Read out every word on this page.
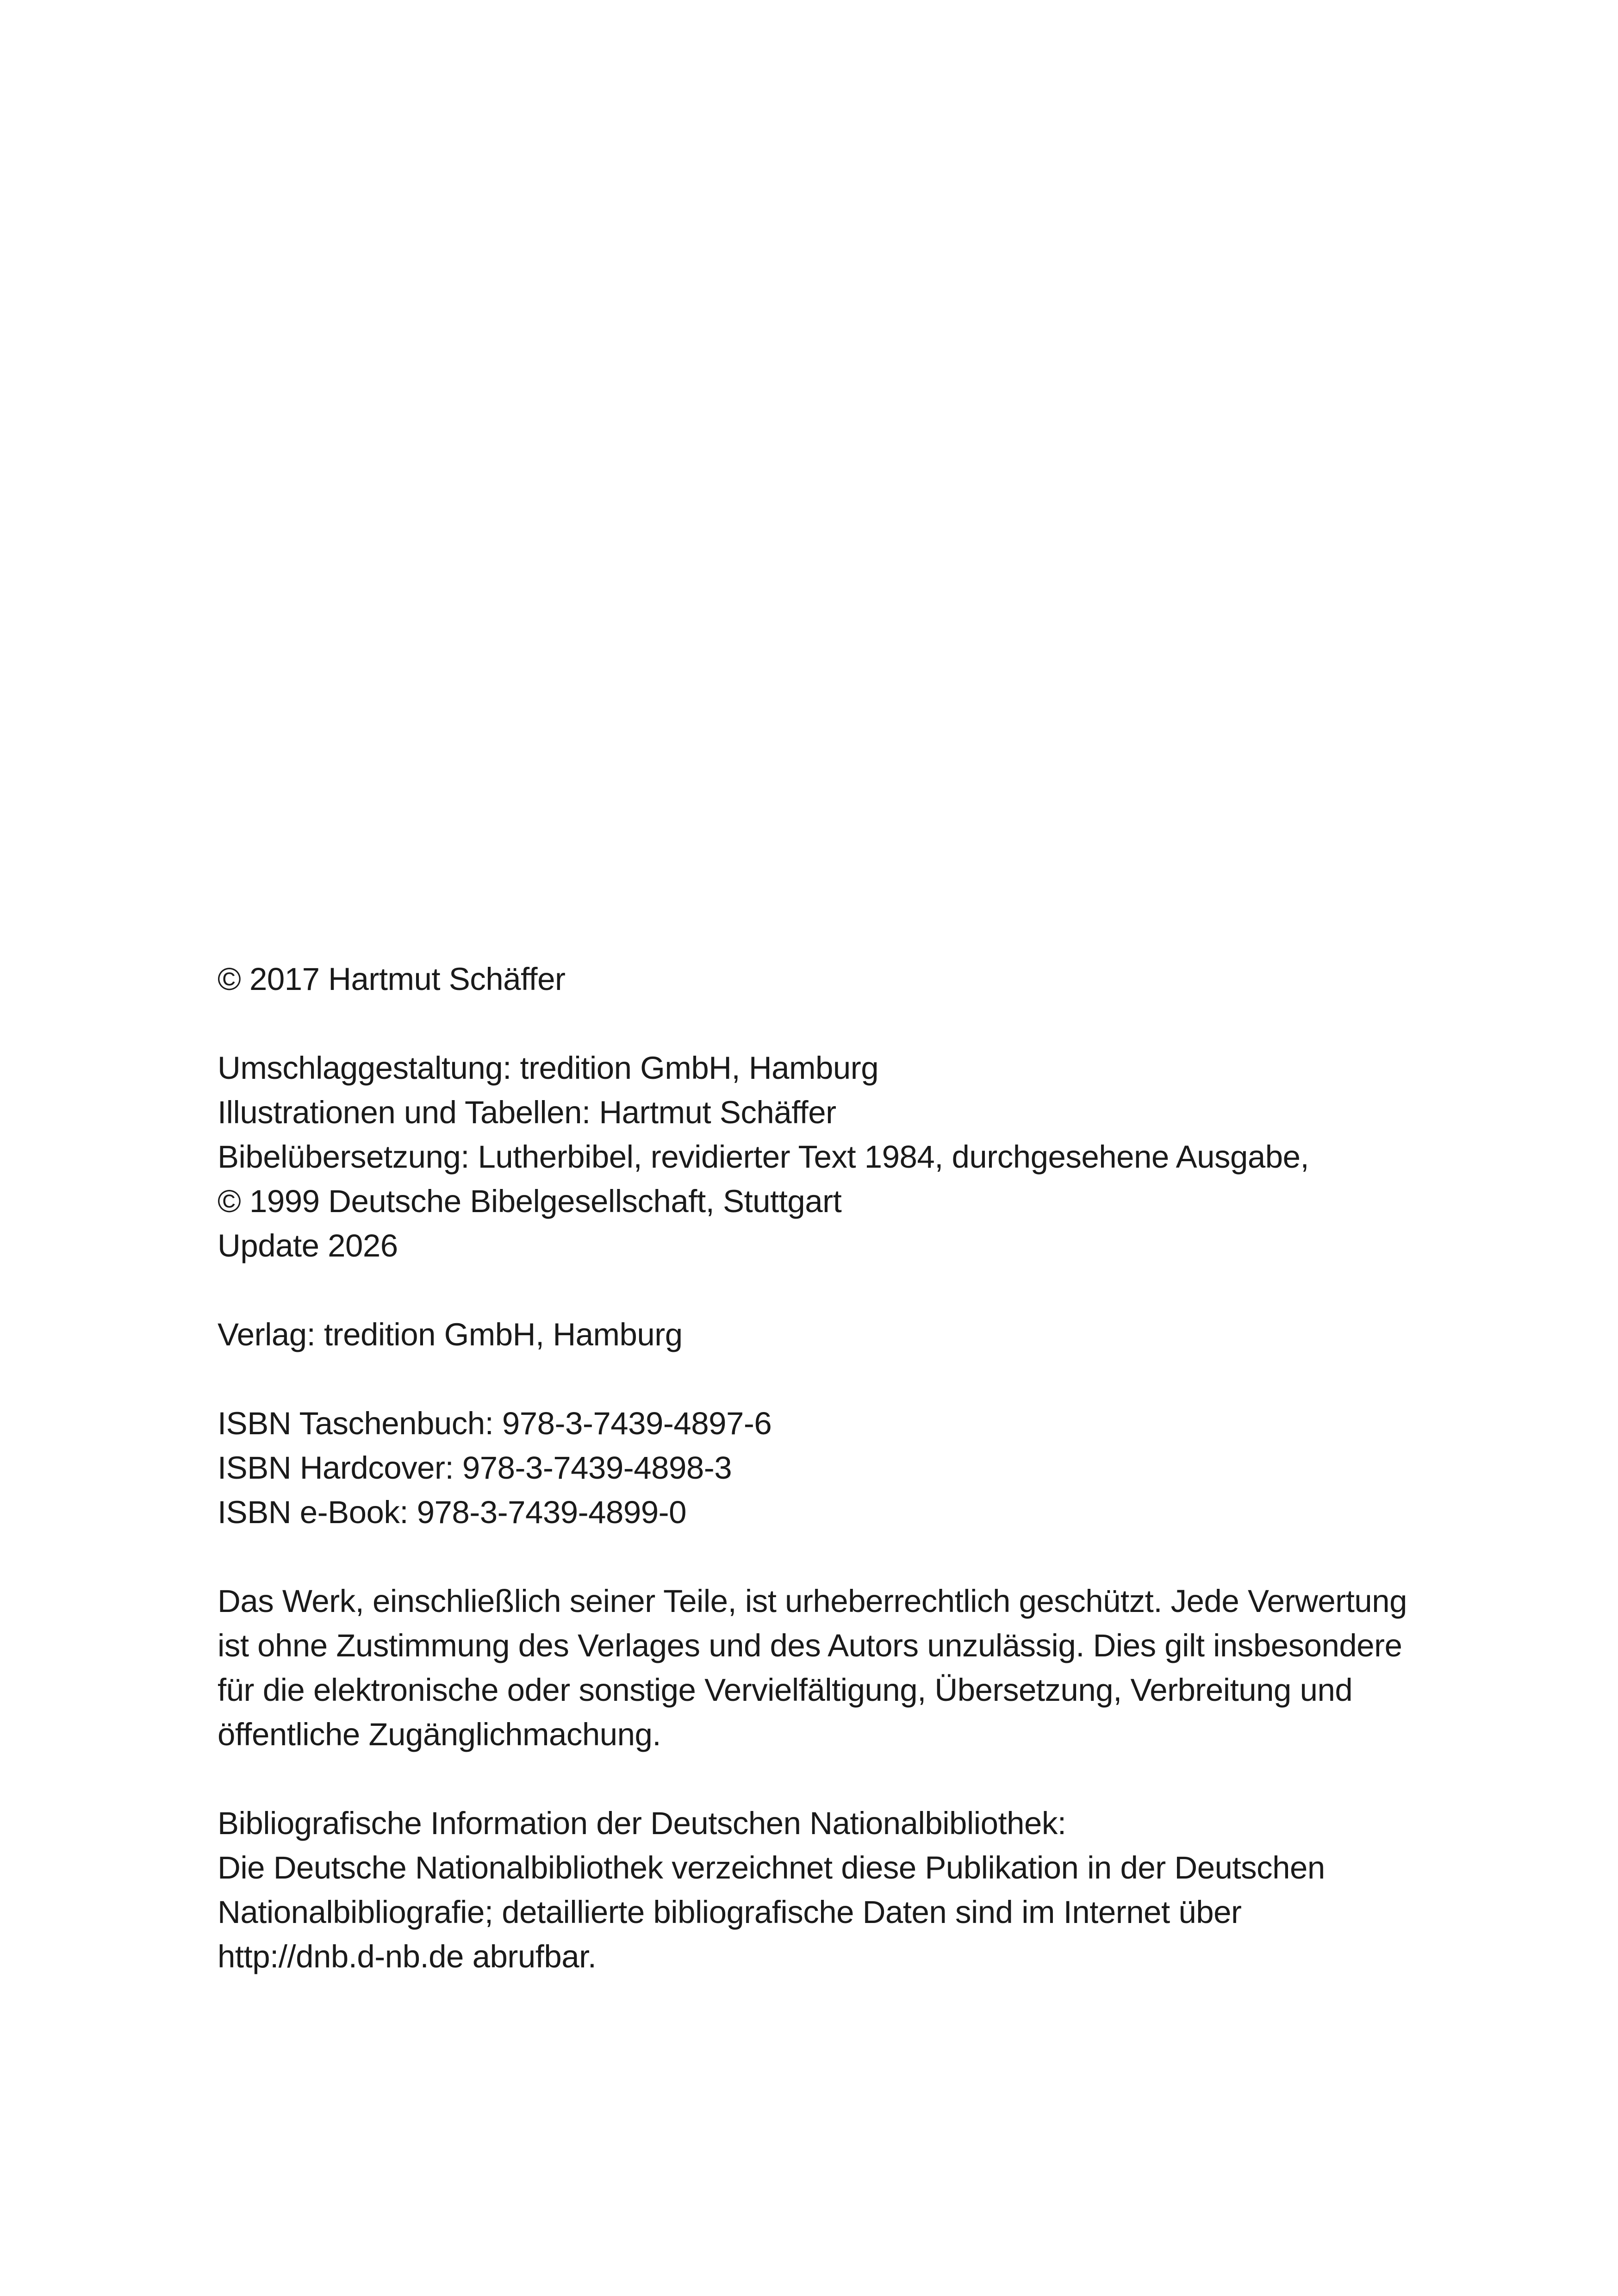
© 2017 Hartmut Schäffer
Umschlaggestaltung: tredition GmbH, Hamburg
Illustrationen und Tabellen: Hartmut Schäffer
Bibelübersetzung: Lutherbibel, revidierter Text 1984, durchgesehene Ausgabe,
© 1999 Deutsche Bibelgesellschaft, Stuttgart
Update 2026
Verlag: tredition GmbH, Hamburg
ISBN Taschenbuch: 978-3-7439-4897-6
ISBN Hardcover: 978-3-7439-4898-3
ISBN e-Book: 978-3-7439-4899-0
Das Werk, einschließlich seiner Teile, ist urheberrechtlich geschützt. Jede Verwertung
ist ohne Zustimmung des Verlages und des Autors unzulässig. Dies gilt insbesondere
für die elektronische oder sonstige Vervielfältigung, Übersetzung, Verbreitung und
öffentliche Zugänglichmachung.
Bibliografische Information der Deutschen Nationalbibliothek:
Die Deutsche Nationalbibliothek verzeichnet diese Publikation in der Deutschen
Nationalbibliografie; detaillierte bibliografische Daten sind im Internet über
http://dnb.d-nb.de abrufbar.
